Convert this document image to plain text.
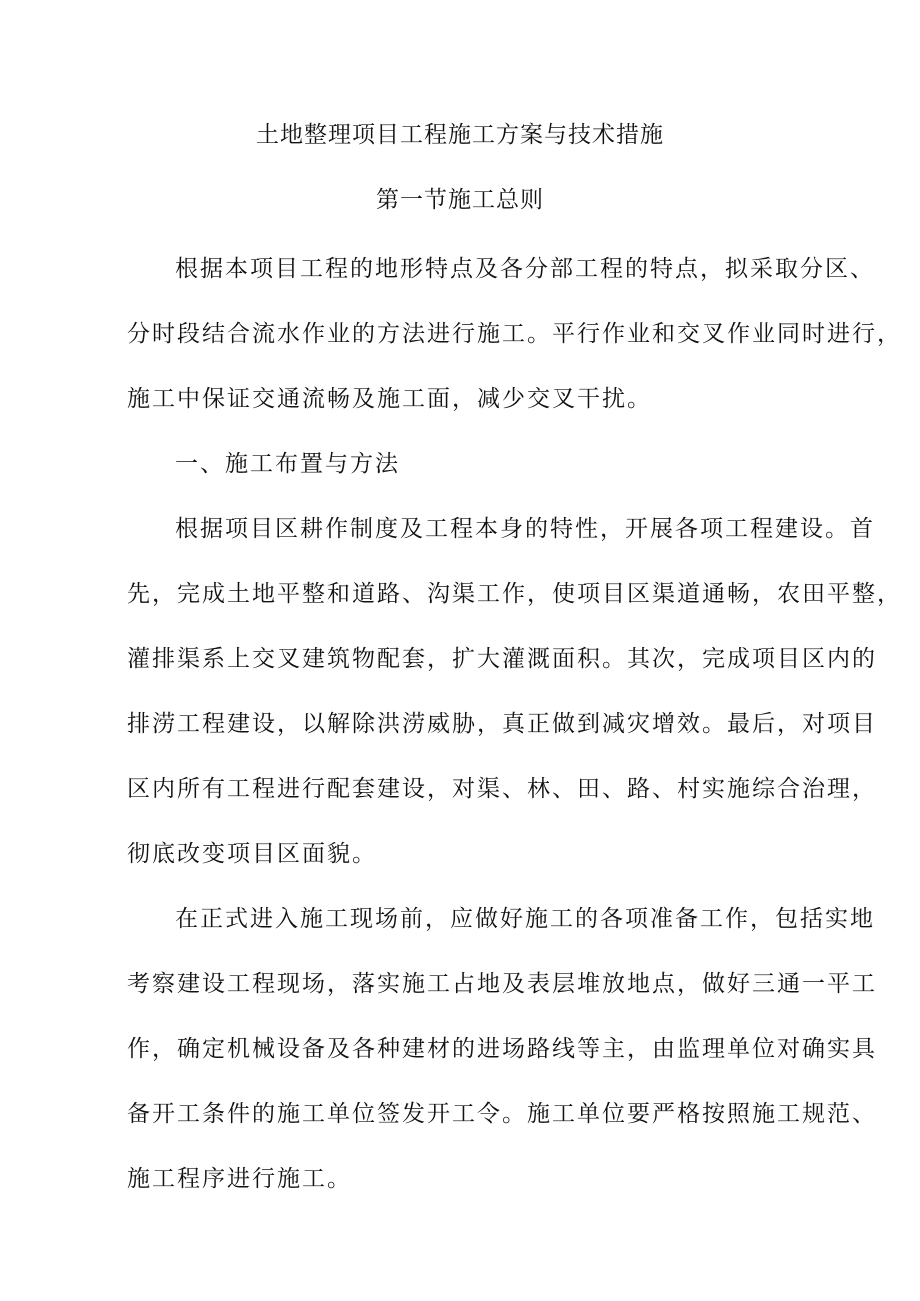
土地整理项目工程施工方案与技术措施
第一节施工总则
根据本项目工程的地形特点及各分部工程的特点，拟采取分区、
分时段结合流水作业的方法进行施工。平行作业和交叉作业同时进行，
施工中保证交通流畅及施工面，减少交叉干扰。
一、施工布置与方法
根据项目区耕作制度及工程本身的特性，开展各项工程建设。首
先，完成土地平整和道路、沟渠工作，使项目区渠道通畅，农田平整，
灌排渠系上交叉建筑物配套，扩大灌溉面积。其次，完成项目区内的
排涝工程建设，以解除洪涝威胁，真正做到减灾增效。最后，对项目
区内所有工程进行配套建设，对渠、林、田、路、村实施综合治理，
彻底改变项目区面貌。
在正式进入施工现场前，应做好施工的各项准备工作，包括实地
考察建设工程现场，落实施工占地及表层堆放地点，做好三通一平工
作，确定机械设备及各种建材的进场路线等主，由监理单位对确实具
备开工条件的施工单位签发开工令。施工单位要严格按照施工规范、
施工程序进行施工。
